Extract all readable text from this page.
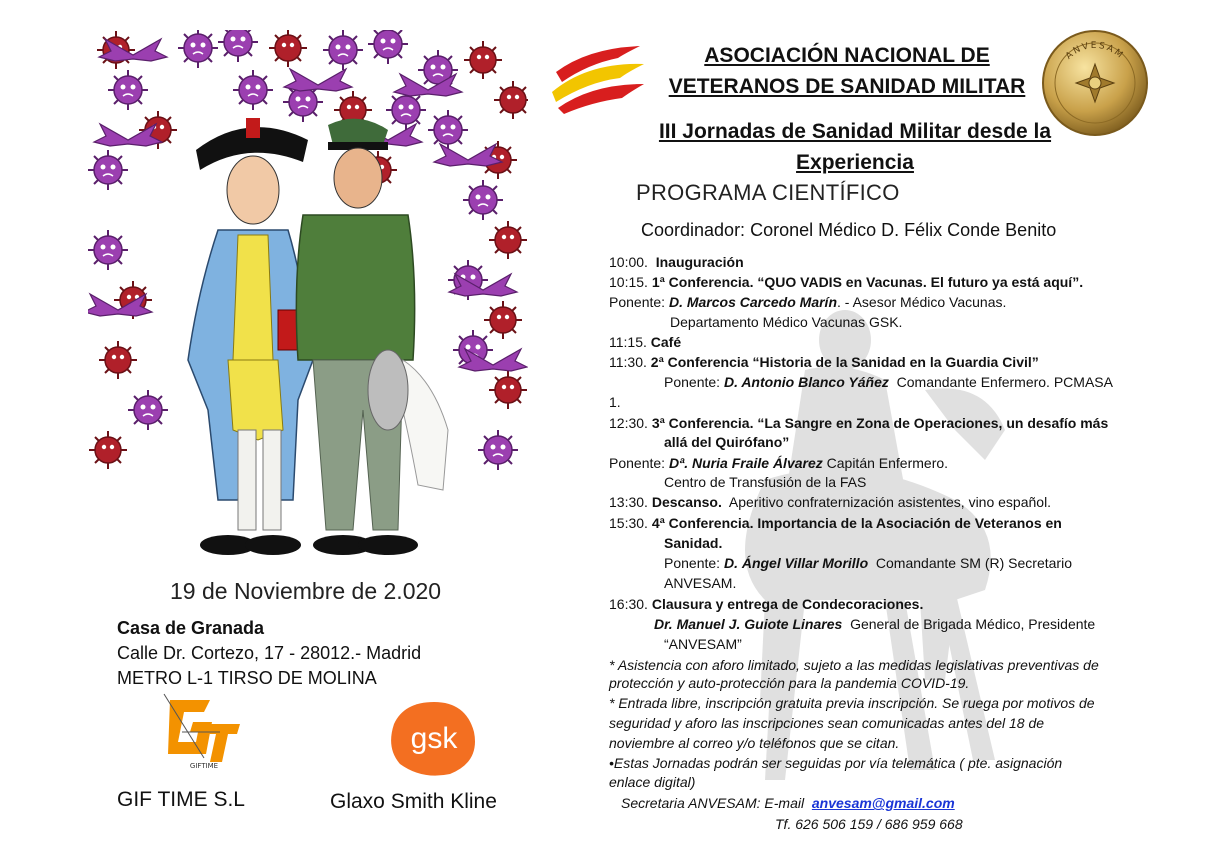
19 de Noviembre de 2.020
Casa de Granada
Calle Dr. Cortezo, 17 - 28012.- Madrid
METRO L-1 TIRSO DE MOLINA
GIFTIME
gsk
GIF TIME S.L	Glaxo Smith Kline
ANVESAM
ASOCIACIÓN NACIONAL DE
VETERANOS DE SANIDAD MILITAR
III Jornadas de Sanidad Militar desde la
Experiencia
PROGRAMA CIENTÍFICO
Coordinador: Coronel Médico D. Félix Conde Benito
10:00. Inauguración
10:15. 1ª Conferencia. “QUO VADIS en Vacunas. El futuro ya está aquí”.
Ponente: D. Marcos Carcedo Marín. - Asesor Médico Vacunas.
Departamento Médico Vacunas GSK.
11:15. Café
11:30. 2ª Conferencia “Historia de la Sanidad en la Guardia Civil”
Ponente: D. Antonio Blanco Yáñez Comandante Enfermero. PCMASA
1.
12:30. 3ª Conferencia. “La Sangre en Zona de Operaciones, un desafío más
allá del Quirófano”
Ponente: Dª. Nuria Fraile Álvarez Capitán Enfermero.
Centro de Transfusión de la FAS
13:30. Descanso. Aperitivo confraternización asistentes, vino español.
15:30. 4ª Conferencia. Importancia de la Asociación de Veteranos en
Sanidad.
Ponente: D. Ángel Villar Morillo Comandante SM (R) Secretario
ANVESAM.
16:30. Clausura y entrega de Condecoraciones.
Dr. Manuel J. Guiote Linares General de Brigada Médico, Presidente
“ANVESAM”
* Asistencia con aforo limitado, sujeto a las medidas legislativas preventivas de
protección y auto-protección para la pandemia COVID-19.
* Entrada libre, inscripción gratuita previa inscripción. Se ruega por motivos de
seguridad y aforo las inscripciones sean comunicadas antes del 18 de
noviembre al correo y/o teléfonos que se citan.
•Estas Jornadas podrán ser seguidas por vía telemática ( pte. asignación
enlace digital)
Secretaria ANVESAM: E-mail anvesam@gmail.com
Tf. 626 506 159 / 686 959 668
